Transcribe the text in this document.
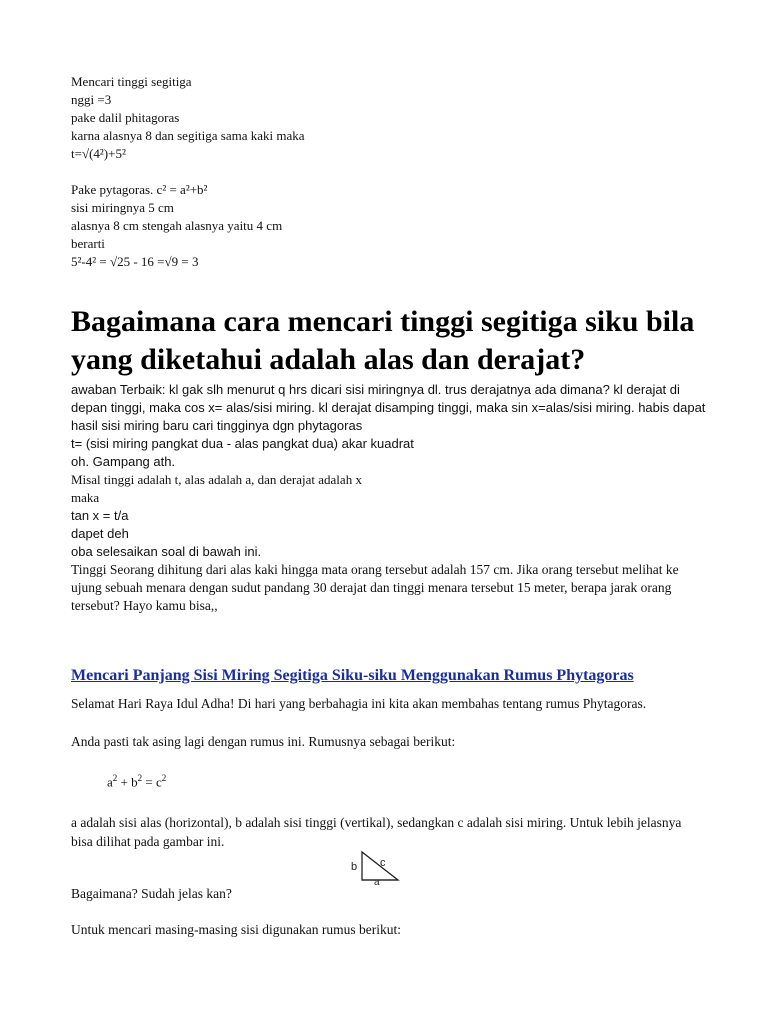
Mencari tinggi segitiga
nggi =3
pake dalil phitagoras
karna alasnya 8 dan segitiga sama kaki maka
t=√(4²)+5²
Pake pytagoras. c² = a²+b²
sisi miringnya 5 cm
alasnya 8 cm stengah alasnya yaitu 4 cm
berarti
5²-4² = √25 - 16 =√9 = 3
Bagaimana cara mencari tinggi segitiga siku bila yang diketahui adalah alas dan derajat?
awaban Terbaik: kl gak slh menurut q hrs dicari sisi miringnya dl. trus derajatnya ada dimana? kl derajat di depan tinggi, maka cos x= alas/sisi miring. kl derajat disamping tinggi, maka sin x=alas/sisi miring. habis dapat hasil sisi miring baru cari tingginya dgn phytagoras
t= (sisi miring pangkat dua - alas pangkat dua) akar kuadrat
oh. Gampang ath.
Misal tinggi adalah t, alas adalah a, dan derajat adalah x
maka
tan x = t/a
dapet deh
oba selesaikan soal di bawah ini.
Tinggi Seorang dihitung dari alas kaki hingga mata orang tersebut adalah 157 cm. Jika orang tersebut melihat ke ujung sebuah menara dengan sudut pandang 30 derajat dan tinggi menara tersebut 15 meter, berapa jarak orang tersebut? Hayo kamu bisa,,
Mencari Panjang Sisi Miring Segitiga Siku-siku Menggunakan Rumus Phytagoras

Selamat Hari Raya Idul Adha! Di hari yang berbahagia ini kita akan membahas tentang rumus Phytagoras.

Anda pasti tak asing lagi dengan rumus ini. Rumusnya sebagai berikut:

$a^2 + b^2 = c^2$

a adalah sisi alas (horizontal), b adalah sisi tinggi (vertikal), sedangkan c adalah sisi miring. Untuk lebih jelasnya bisa dilihat pada gambar ini.

b c
a

Bagaimana? Sudah jelas kan?

Untuk mencari masing-masing sisi digunakan rumus berikut:
